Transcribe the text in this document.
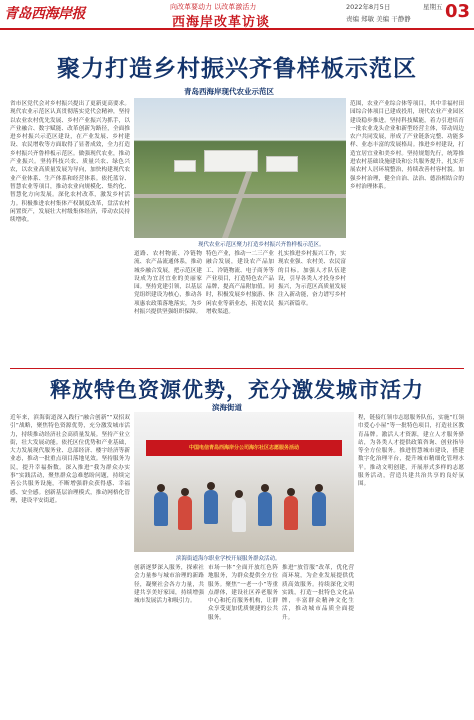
青岛西海岸报	向改革要动力 以改革激活力
西海岸改革访谈
2022年8月5日	星期五
责编 郑敏 美编 干静静 03
聚力打造乡村振兴齐鲁样板示范区
青岛西海岸现代农业示范区
省市区党代会对乡村振兴提出了更新更高要求。现代农业示范区认真贯彻落实党代会精神，坚持以农业农村优先发展、乡村产业振兴为抓手，以产业融合、数字赋能、改革创新为路径，全面推进乡村振兴示范区建设，在产业发展、乡村建设、农民增收等方面取得了显著成效，全力打造乡村振兴齐鲁样板示范区。做强现代农业，推动产业振兴。坚持科技兴农、质量兴农、绿色兴农，以农业高质量发展为导向，加快构建现代农业产业体系、生产体系和经营体系。依托蓝谷、智慧农业等项目，推动农业向规模化、集约化、智慧化方向发展。深化农村改革，激发乡村活力。积极推进农村集体产权制度改革，盘活农村闲置资产，发展壮大村级集体经济，带动农民持续增收。
范围，农业产业综合体等项目，其中幸福村田园综合体项目已建成投用，现代农业产业园区建设稳步推进。坚持科技赋能，着力引进培育一批农业龙头企业和新型经营主体，带动周边农户共同发展，形成了产业链条完整、功能多样、业态丰富的发展格局。推进乡村建设，打造宜居宜业和美乡村。坚持规划先行，统筹推进农村基础设施建设和公共服务提升，扎实开展农村人居环境整治，持续改善村容村貌。加强乡村治理，健全自治、法治、德治相结合的乡村治理体系。
现代农业示范区聚力打造乡村振兴齐鲁样板示范区。
道路、农村物流、冷链物流、农产品流通体系，推动城乡融合发展，把示范区建设成为宜居宜业的美丽家园。坚持党建引领，以基层党组织建设为核心，推动各项惠农政策落地落实，为乡村振兴提供坚强组织保障。
特色产业，推动一二三产业融合发展，建设农产品加工、冷链物流、电子商务等产业项目，打造特色农产品品牌，提高产品附加值。同时，积极发展乡村旅游、休闲农业等新业态，拓宽农民增收渠道。
扎实推进乡村振兴工作，实现农业强、农村美、农民富的目标。加强人才队伍建设，引导各类人才投身乡村振兴，为示范区高质量发展注入新动能，奋力谱写乡村振兴新篇章。
释放特色资源优势，充分激发城市活力
滨海街道
近年来，滨海街道深入践行“融合创新”“双招双引”战略，聚焦特色资源优势，充分激发城市活力，持续推动经济社会高质量发展。坚持产业立街，壮大发展动能。依托区位优势和产业基础，大力发展现代服务业、总部经济、楼宇经济等新业态，推动一批重点项目落地见效。坚持服务为民，提升幸福指数。深入推进“我为群众办实事”实践活动，聚焦群众急难愁盼问题，持续完善公共服务设施，不断增强群众获得感、幸福感、安全感。创新基层治理模式，推动网格化管理，建设平安街道。
程，链接红领巾志愿服务队伍，实施“红领巾爱心小屋”等一批特色项目，打造社区教育品牌。激活人才资源，建立人才服务驿站，为各类人才提供政策咨询、创业指导等全方位服务。推进智慧城市建设，搭建数字化治理平台，提升城市精细化管理水平。推动文明创建，开展形式多样的志愿服务活动，营造共建共治共享的良好氛围。
中国电信青岛西海岸分公司海尔社区志愿服务活动
滨海街道海尔职业学校开展服务群众活动。
创新逐梦深入服务，探索社会力量参与城市治理的新路径，凝聚社会各方力量，共建共享美好家园，持续增强城市发展活力和吸引力。
市场一体”全面开放红色阵地服务，为群众提供全方位服务。聚焦“一老一小”等重点群体，建设社区养老服务中心和托育服务机构，让群众享受更加优质便捷的公共服务。
推进“放管服”改革，优化营商环境，为企业发展提供优质高效服务。持续深化文明实践，打造一批特色文化品牌，丰富群众精神文化生活，推动城市品质全面提升。
